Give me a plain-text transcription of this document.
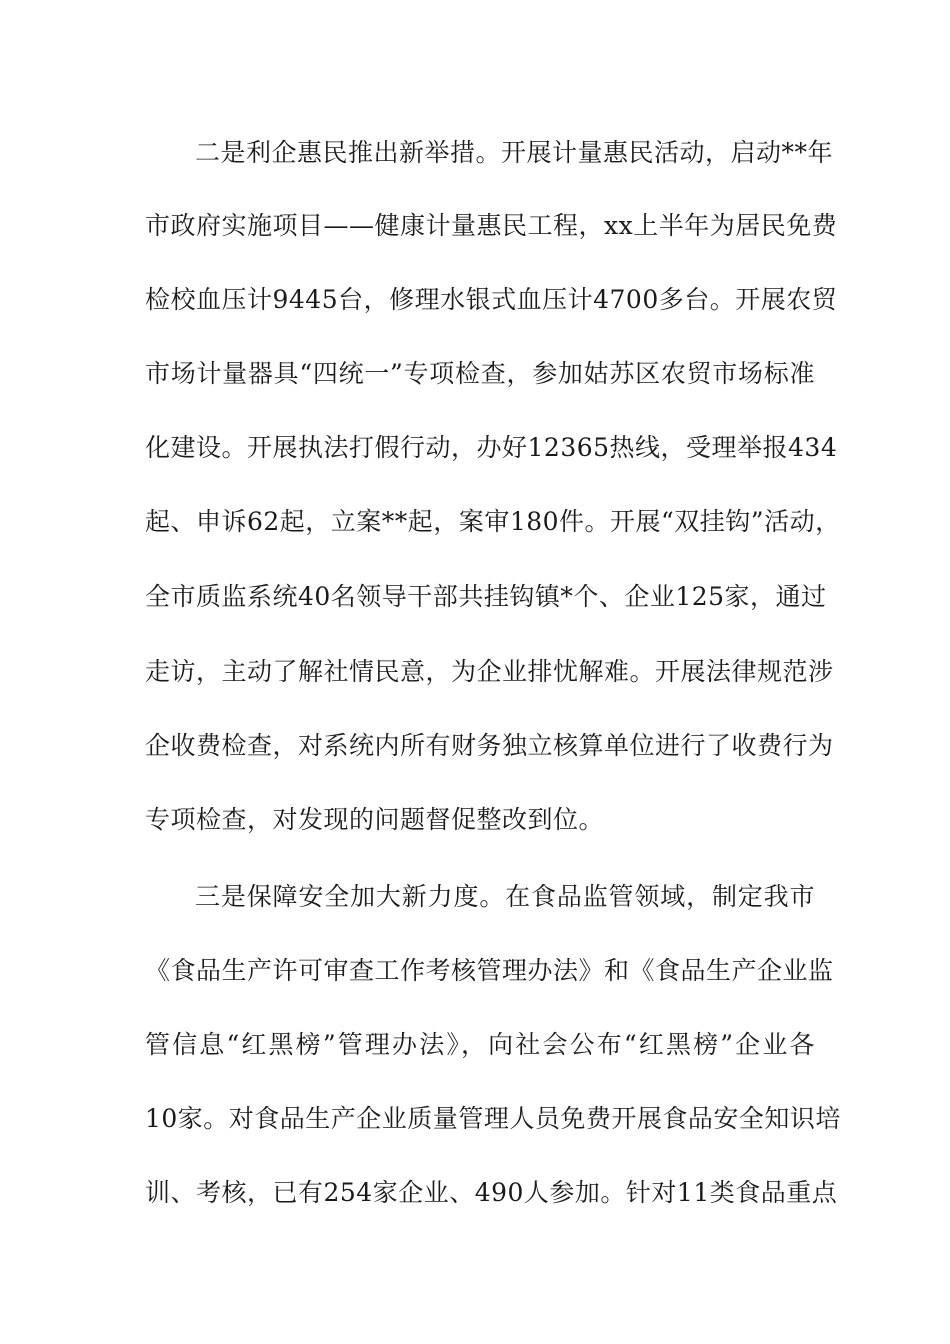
二是利企惠民推出新举措。开展计量惠民活动，启动**年
市政府实施项目——健康计量惠民工程，xx上半年为居民免费
检校血压计9445台，修理水银式血压计4700多台。开展农贸
市场计量器具“四统一”专项检查，参加姑苏区农贸市场标准
化建设。开展执法打假行动，办好12365热线，受理举报434
起、申诉62起，立案**起，案审180件。开展“双挂钩”活动，
全市质监系统40名领导干部共挂钩镇*个、企业125家，通过
走访，主动了解社情民意，为企业排忧解难。开展法律规范涉
企收费检查，对系统内所有财务独立核算单位进行了收费行为
专项检查，对发现的问题督促整改到位。
三是保障安全加大新力度。在食品监管领域，制定我市
《食品生产许可审查工作考核管理办法》和《食品生产企业监
管信息“红黑榜”管理办法》，向社会公布“红黑榜”企业各
10家。对食品生产企业质量管理人员免费开展食品安全知识培
训、考核，已有254家企业、490人参加。针对11类食品重点
